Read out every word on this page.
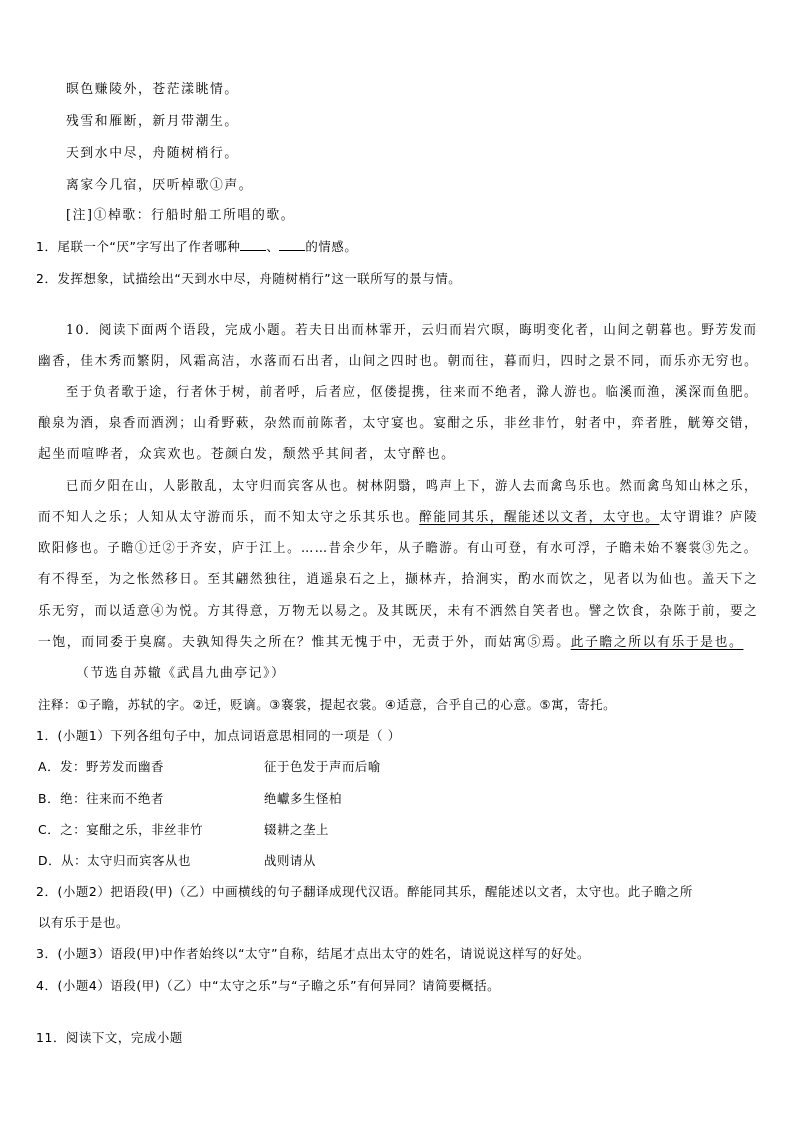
暝色赚陵外，苍茫漾眺情。
残雪和雁断，新月带潮生。
天到水中尽，舟随树梢行。
离家今几宿，厌听棹歌①声。
[注]①棹歌：行船时船工所唱的歌。
1．尾联一个“厌”字写出了作者哪种 、 的情感。
2．发挥想象，试描绘出“天到水中尽，舟随树梢行”这一联所写的景与情。
10．阅读下面两个语段，完成小题。若夫日出而林霏开，云归而岩穴暝，晦明变化者，山间之朝暮也。野芳发而
幽香，佳木秀而繁阴，风霜高洁，水落而石出者，山间之四时也。朝而往，暮而归，四时之景不同，而乐亦无穷也。
至于负者歌于途，行者休于树，前者呼，后者应，伛偻提携，往来而不绝者，滁人游也。临溪而渔，溪深而鱼肥。
酿泉为酒，泉香而酒洌；山肴野蔌，杂然而前陈者，太守宴也。宴酣之乐，非丝非竹，射者中，弈者胜，觥筹交错，
起坐而喧哗者，众宾欢也。苍颜白发，颓然乎其间者，太守醉也。
已而夕阳在山，人影散乱，太守归而宾客从也。树林阴翳，鸣声上下，游人去而禽鸟乐也。然而禽鸟知山林之乐，
而不知人之乐；人知从太守游而乐，而不知太守之乐其乐也。醉能同其乐，醒能述以文者，太守也。太守谓谁？庐陵
欧阳修也。子瞻①迁②于齐安，庐于江上。……昔余少年，从子瞻游。有山可登，有水可浮，子瞻未始不褰裳③先之。
有不得至，为之怅然移日。至其翩然独往，逍遥泉石之上，撷林卉，拾涧实，酌水而饮之，见者以为仙也。盖天下之
乐无穷，而以适意④为悦。方其得意，万物无以易之。及其既厌，未有不洒然自笑者也。譬之饮食，杂陈于前，要之
一饱，而同委于臭腐。夫孰知得失之所在？惟其无愧于中，无责于外，而姑寓⑤焉。此子瞻之所以有乐于是也。
（节选自苏辙《武昌九曲亭记》）
注释：①子瞻，苏轼的字。②迁，贬谪。③褰裳，提起衣裳。④适意，合乎自己的心意。⑤寓，寄托。
1．(小题1）下列各组句子中，加点词语意思相同的一项是（ ）
A．发：野芳发而幽香	征于色发于声而后喻
B．绝：往来而不绝者	绝巘多生怪柏
C．之：宴酣之乐，非丝非竹	辍耕之垄上
D．从：太守归而宾客从也	战则请从
2．(小题2）把语段(甲)（乙）中画横线的句子翻译成现代汉语。醉能同其乐，醒能述以文者，太守也。此子瞻之所
以有乐于是也。
3．(小题3）语段(甲)中作者始终以“太守”自称，结尾才点出太守的姓名，请说说这样写的好处。
4．(小题4）语段(甲)（乙）中“太守之乐”与“子瞻之乐”有何异同？请简要概括。
11．阅读下文，完成小题
